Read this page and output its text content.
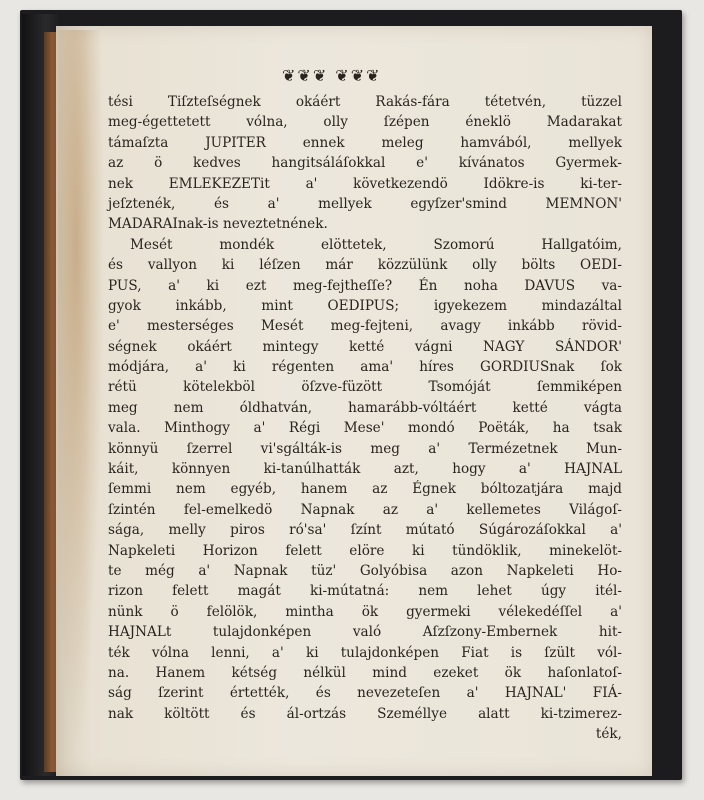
❦❦❦ ❦❦❦
tési Tiſzteſségnek okáért Rakás-fára tétetvén, tüzzel
meg-égettetett vólna, olly ſzépen éneklö Madarakat
támaſzta JUPITER ennek meleg hamvából, mellyek
az ö kedves hangitsáláſokkal e' kívánatos Gyermek-
nek EMLEKEZETit a' következendö Idökre-is ki-ter-
jeſztenék, és a' mellyek egyſzer'smind MEMNON'
MADARAInak-is neveztetnének.
Mesét mondék elöttetek, Szomorú Hallgatóim,
és vallyon ki léſzen már közzülünk olly bölts OEDI-
PUS, a' ki ezt meg-fejtheſſe? Én noha DAVUS va-
gyok inkább, mint OEDIPUS; igyekezem mindazáltal
e' mesterséges Mesét meg-fejteni, avagy inkább rövid-
ségnek okáért mintegy ketté vágni NAGY SÁNDOR'
módjára, a' ki régenten ama' híres GORDIUSnak ſok
rétü kötelekböl öſzve-füzött Tsomóját ſemmiképen
meg nem óldhatván, hamarább-vóltáért ketté vágta
vala. Minthogy a' Régi Mese' mondó Poëták, ha tsak
könnyü ſzerrel vi'sgálták-is meg a' Termézetnek Mun-
káit, könnyen ki-tanúlhatták azt, hogy a' HAJNAL
ſemmi nem egyéb, hanem az Égnek bóltozatjára majd
ſzintén fel-emelkedö Napnak az a' kellemetes Világoſ-
sága, melly piros ró'sa' ſzínt mútató Súgározáſokkal a'
Napkeleti Horizon felett elöre ki tündöklik, minekelöt-
te még a' Napnak tüz' Golyóbisa azon Napkeleti Ho-
rizon felett magát ki-mútatná: nem lehet úgy itél-
nünk ö felölök, mintha ök gyermeki vélekedéſſel a'
HAJNALt tulajdonképen való Aſzſzony-Embernek hit-
ték vólna lenni, a' ki tulajdonképen Fiat is ſzült vól-
na. Hanem kétség nélkül mind ezeket ök haſonlatoſ-
ság ſzerint értették, és nevezeteſen a' HAJNAL' FIÁ-
nak költött és ál-ortzás Személlye alatt ki-tzimerez-
ték,
